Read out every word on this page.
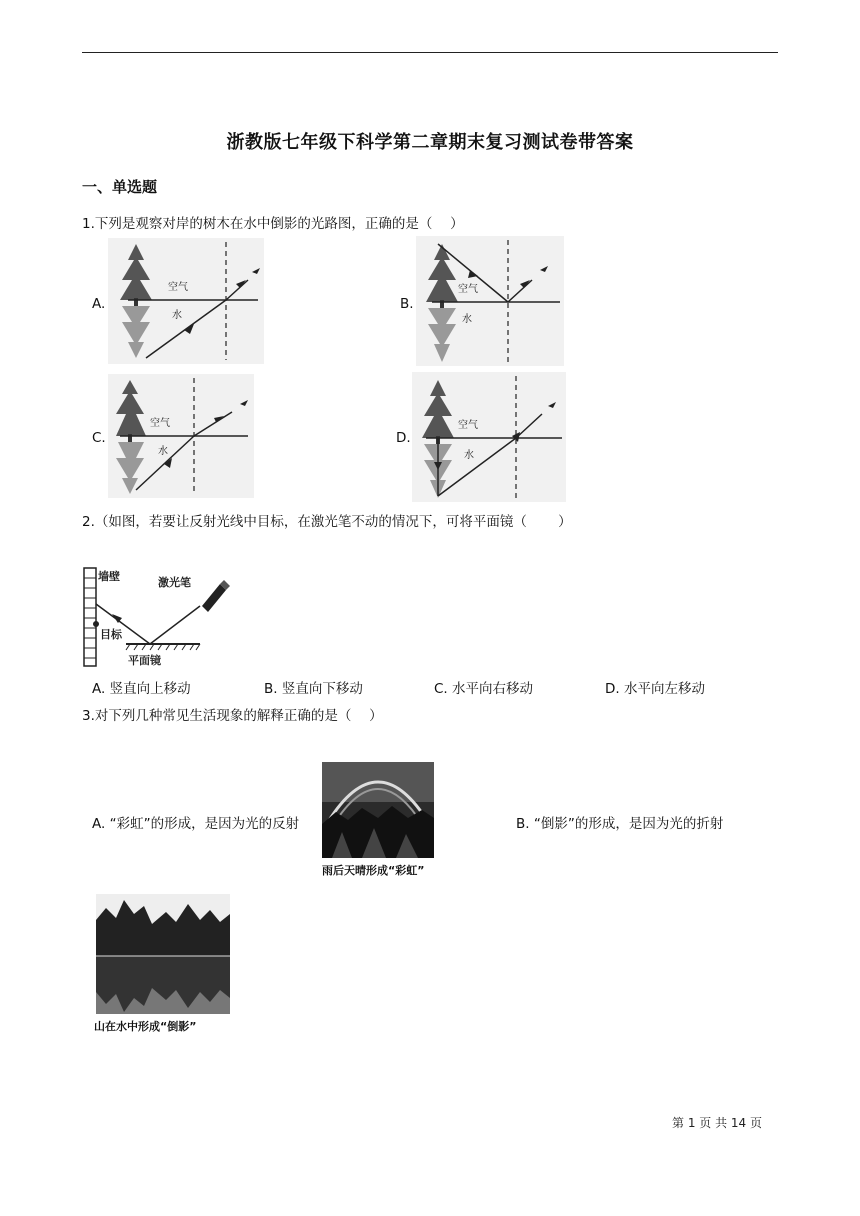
浙教版七年级下科学第二章期末复习测试卷带答案
一、单选题
1.下列是观察对岸的树木在水中倒影的光路图，正确的是（　 ）
A.
空气
水
B.
空气
水
C.
空气
水
D.
空气
水
2.（如图，若要让反射光线中目标，在激光笔不动的情况下，可将平面镜（　　 ）
墙壁	激光笔
目标
平面镜
A. 竖直向上移动	B. 竖直向下移动	C. 水平向右移动	D. 水平向左移动
3.对下列几种常见生活现象的解释正确的是（　 ）
A. “彩虹”的形成，是因为光的反射
雨后天晴形成“彩虹”
B. “倒影”的形成，是因为光的折射
山在水中形成“倒影”
第 1 页 共 14 页
